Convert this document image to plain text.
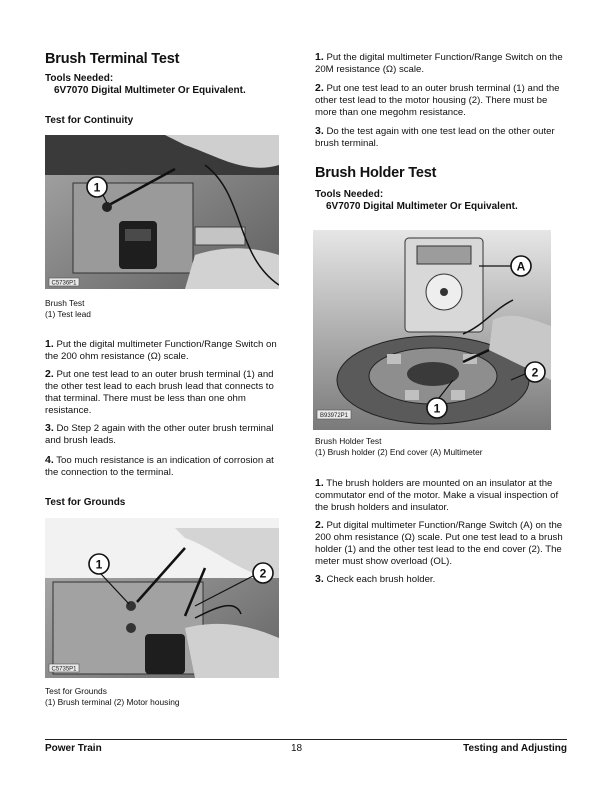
Brush Terminal Test
Tools Needed:
6V7070 Digital Multimeter Or Equivalent.
Test for Continuity
1
C5736P1
Brush Test
(1) Test lead
1. Put the digital multimeter Function/Range Switch on the 200 ohm resistance (Ω) scale.
2. Put one test lead to an outer brush terminal (1) and the other test lead to each brush lead that connects to that terminal. There must be less than one ohm resistance.
3. Do Step 2 again with the other outer brush terminal and brush leads.
4. Too much resistance is an indication of corrosion at the connection to the terminal.
Test for Grounds
1
2
C5735P1
Test for Grounds
(1) Brush terminal (2) Motor housing
1. Put the digital multimeter Function/Range Switch on the 20M resistance (Ω) scale.
2. Put one test lead to an outer brush terminal (1) and the other test lead to the motor housing (2). There must be more than one megohm resistance.
3. Do the test again with one test lead on the other outer brush terminal.
Brush Holder Test
Tools Needed:
6V7070 Digital Multimeter Or Equivalent.
A
2
1
B93972P1
Brush Holder Test
(1) Brush holder (2) End cover (A) Multimeter
1. The brush holders are mounted on an insulator at the commutator end of the motor. Make a visual inspection of the brush holders and insulator.
2. Put digital multimeter Function/Range Switch (A) on the 200 ohm resistance (Ω) scale. Put one test lead to a brush holder (1) and the other test lead to the end cover (2). The meter must show overload (OL).
3. Check each brush holder.
Power Train	18	Testing and Adjusting
